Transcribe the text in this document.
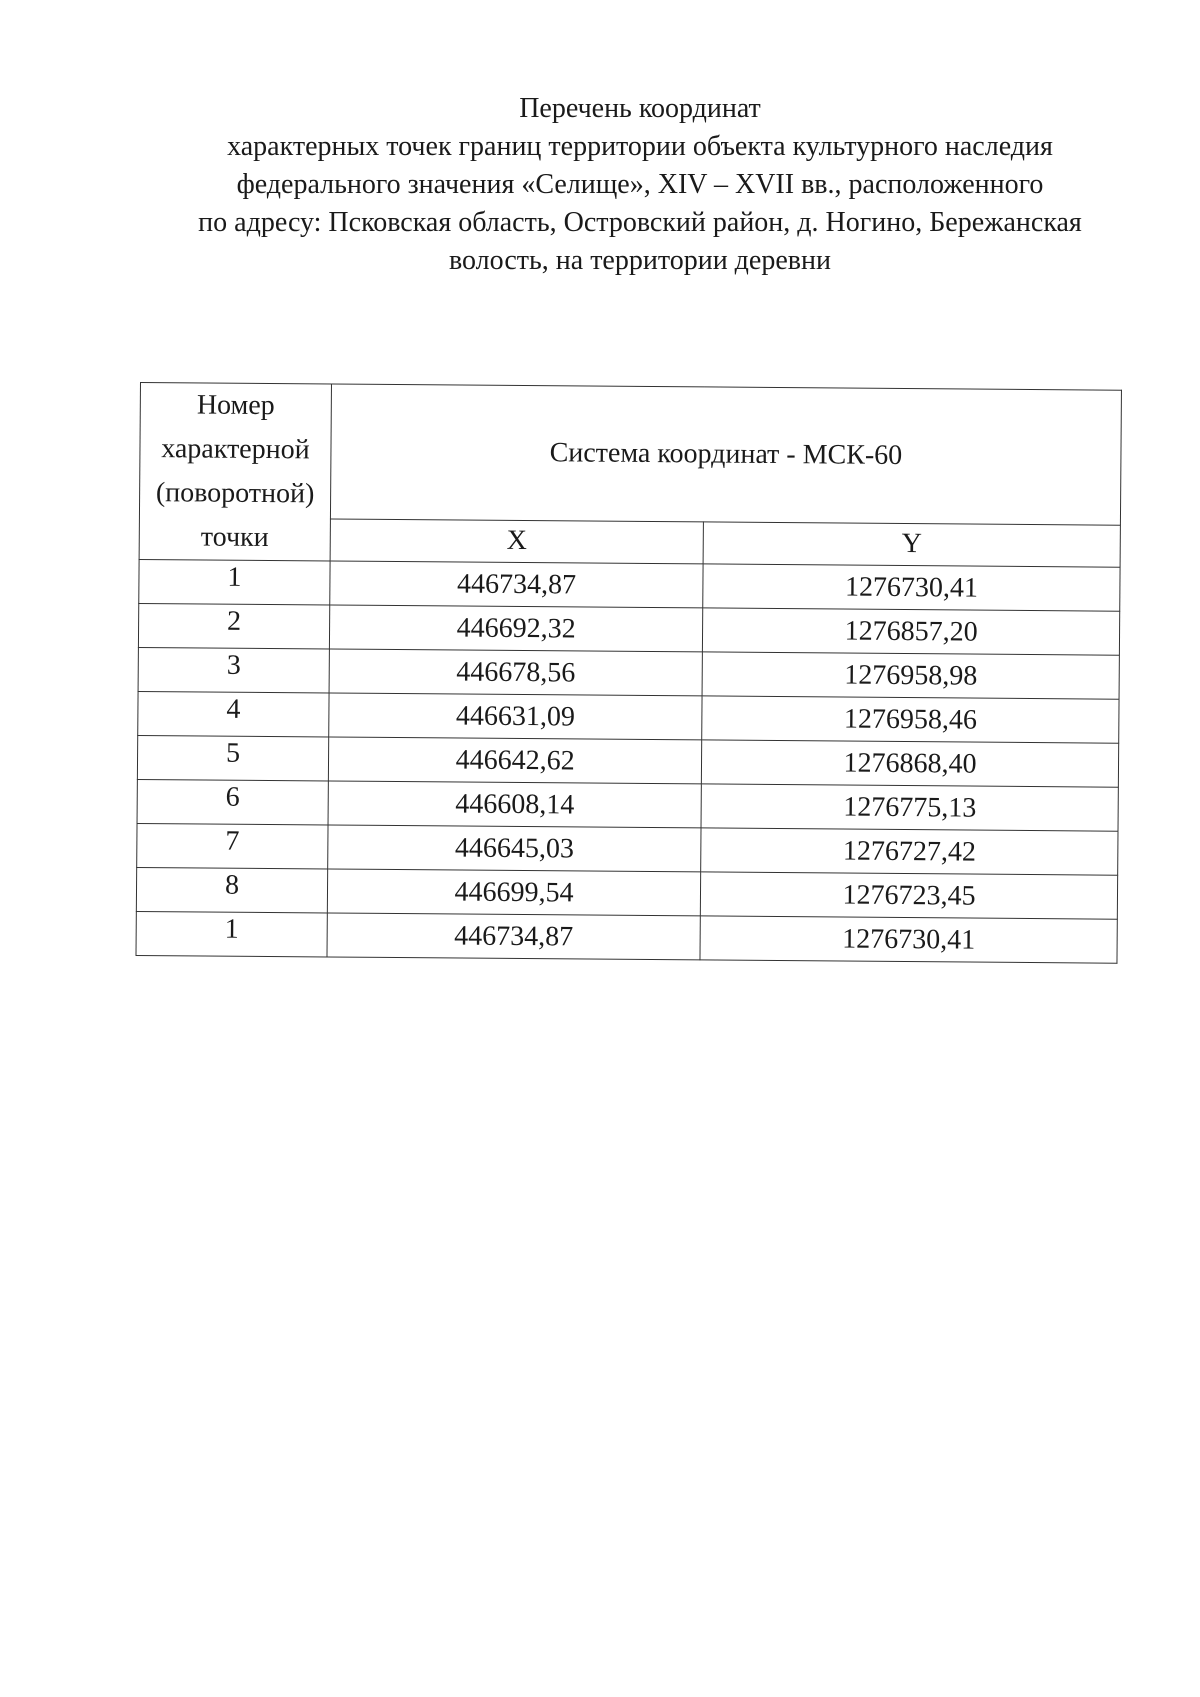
Перечень координат
характерных точек границ территории объекта культурного наследия
федерального значения «Селище», XIV – XVII вв., расположенного
по адресу: Псковская область, Островский район, д. Ногино, Бережанская
волость, на территории деревни
Номер характерной (поворотной) точки	Система координат - МСК-60	
	X	Y
1	446734,87	1276730,41
2	446692,32	1276857,20
3	446678,56	1276958,98
4	446631,09	1276958,46
5	446642,62	1276868,40
6	446608,14	1276775,13
7	446645,03	1276727,42
8	446699,54	1276723,45
1	446734,87	1276730,41
